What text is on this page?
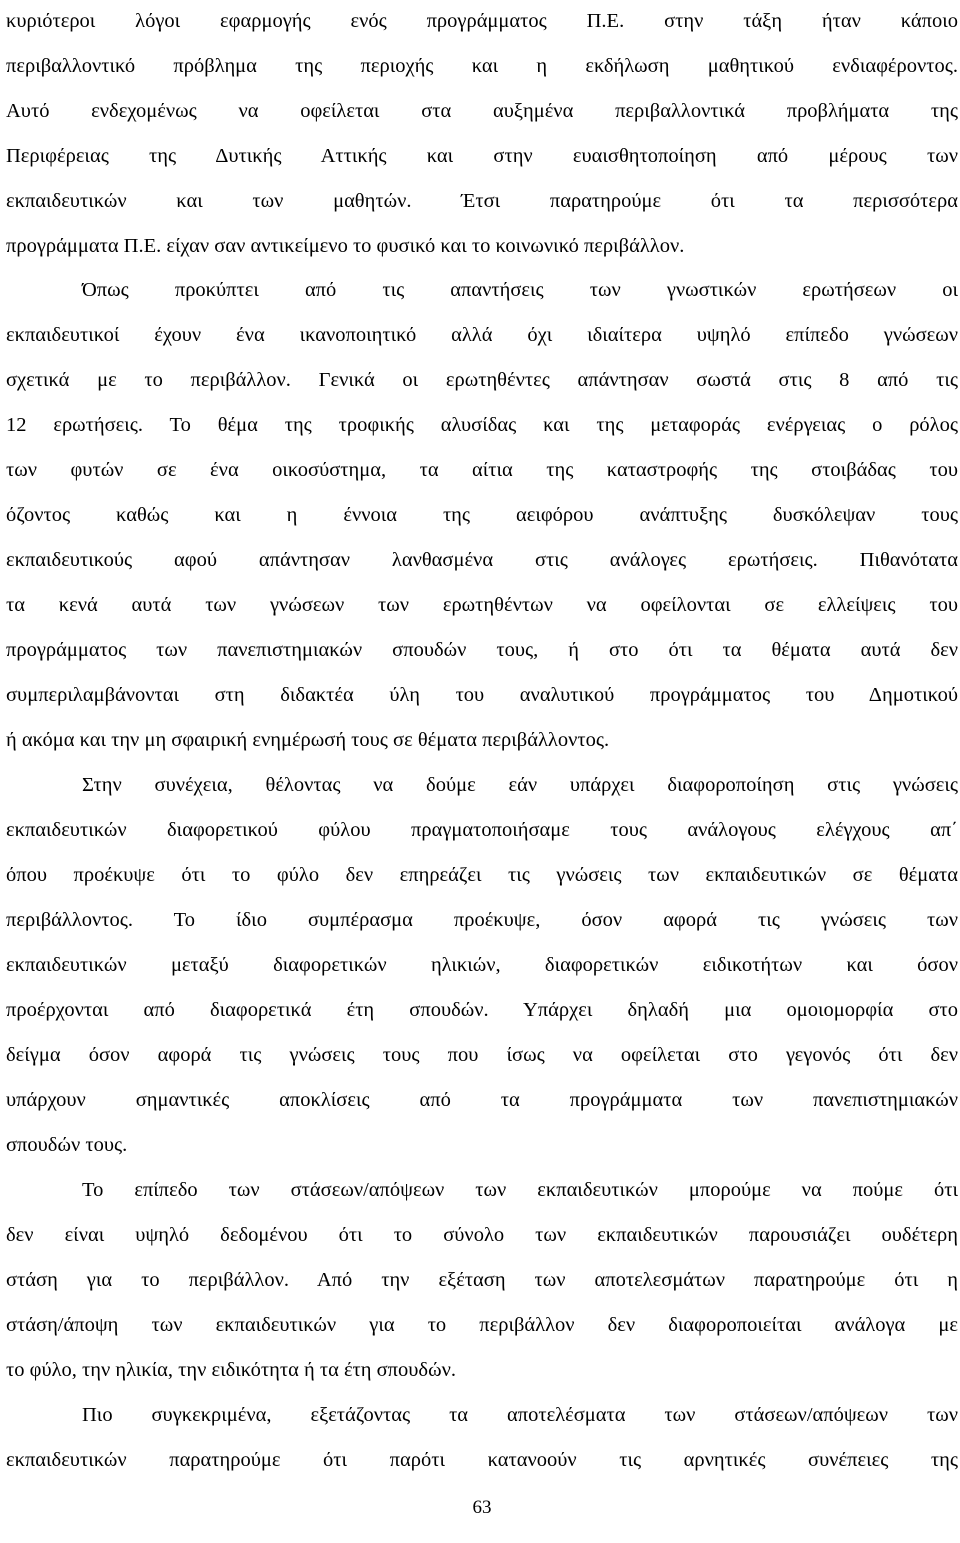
κυριότεροι λόγοι εφαρμογής ενός προγράμματος Π.Ε. στην τάξη ήταν κάποιο
περιβαλλοντικό πρόβλημα της περιοχής και η εκδήλωση μαθητικού ενδιαφέροντος.
Αυτό ενδεχομένως να οφείλεται στα αυξημένα περιβαλλοντικά προβλήματα της
Περιφέρειας της Δυτικής Αττικής και στην ευαισθητοποίηση από μέρους των
εκπαιδευτικών και των μαθητών. Έτσι παρατηρούμε ότι τα περισσότερα
προγράμματα Π.Ε. είχαν σαν αντικείμενο το φυσικό και το κοινωνικό περιβάλλον.
Όπως προκύπτει από τις απαντήσεις των γνωστικών ερωτήσεων οι
εκπαιδευτικοί έχουν ένα ικανοποιητικό αλλά όχι ιδιαίτερα υψηλό επίπεδο γνώσεων
σχετικά με το περιβάλλον. Γενικά οι ερωτηθέντες απάντησαν σωστά στις 8 από τις
12 ερωτήσεις. Το θέμα της τροφικής αλυσίδας και της μεταφοράς ενέργειας ο ρόλος
των φυτών σε ένα οικοσύστημα, τα αίτια της καταστροφής της στοιβάδας του
όζοντος καθώς και η έννοια της αειφόρου ανάπτυξης δυσκόλεψαν τους
εκπαιδευτικούς αφού απάντησαν λανθασμένα στις ανάλογες ερωτήσεις. Πιθανότατα
τα κενά αυτά των γνώσεων των ερωτηθέντων να οφείλονται σε ελλείψεις του
προγράμματος των πανεπιστημιακών σπουδών τους, ή στο ότι τα θέματα αυτά δεν
συμπεριλαμβάνονται στη διδακτέα ύλη του αναλυτικού προγράμματος του Δημοτικού
ή ακόμα και την μη σφαιρική ενημέρωσή τους σε θέματα περιβάλλοντος.
Στην συνέχεια, θέλοντας να δούμε εάν υπάρχει διαφοροποίηση στις γνώσεις
εκπαιδευτικών διαφορετικού φύλου πραγματοποιήσαμε τους ανάλογους ελέγχους απ΄
όπου προέκυψε ότι το φύλο δεν επηρεάζει τις γνώσεις των εκπαιδευτικών σε θέματα
περιβάλλοντος. Το ίδιο συμπέρασμα προέκυψε, όσον αφορά τις γνώσεις των
εκπαιδευτικών μεταξύ διαφορετικών ηλικιών, διαφορετικών ειδικοτήτων και όσον
προέρχονται από διαφορετικά έτη σπουδών. Υπάρχει δηλαδή μια ομοιομορφία στο
δείγμα όσον αφορά τις γνώσεις τους που ίσως να οφείλεται στο γεγονός ότι δεν
υπάρχουν σημαντικές αποκλίσεις από τα προγράμματα των πανεπιστημιακών
σπουδών τους.
Το επίπεδο των στάσεων/απόψεων των εκπαιδευτικών μπορούμε να πούμε ότι
δεν είναι υψηλό δεδομένου ότι το σύνολο των εκπαιδευτικών παρουσιάζει ουδέτερη
στάση για το περιβάλλον. Από την εξέταση των αποτελεσμάτων παρατηρούμε ότι η
στάση/άποψη των εκπαιδευτικών για το περιβάλλον δεν διαφοροποιείται ανάλογα με
το φύλο, την ηλικία, την ειδικότητα ή τα έτη σπουδών.
Πιο συγκεκριμένα, εξετάζοντας τα αποτελέσματα των στάσεων/απόψεων των
εκπαιδευτικών παρατηρούμε ότι παρότι κατανοούν τις αρνητικές συνέπειες της
63
